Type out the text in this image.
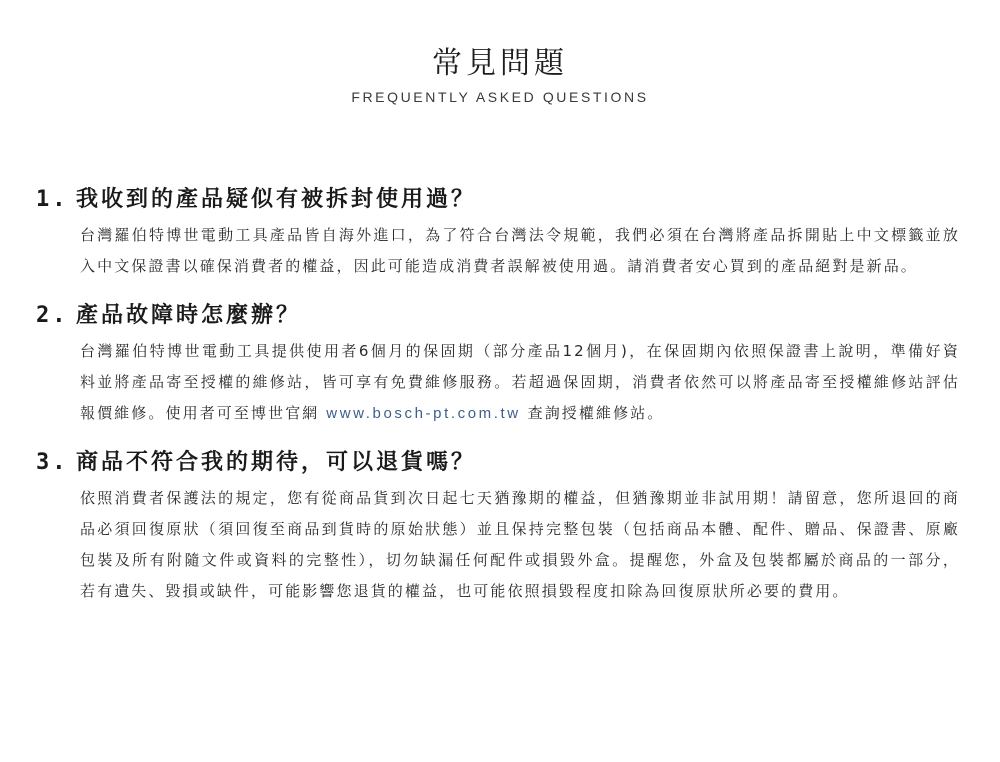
常見問題
FREQUENTLY ASKED QUESTIONS
1. 我收到的產品疑似有被拆封使用過？
台灣羅伯特博世電動工具產品皆自海外進口，為了符合台灣法令規範，我們必須在台灣將產品拆開貼上中文標籤並放入中文保證書以確保消費者的權益，因此可能造成消費者誤解被使用過。請消費者安心買到的產品絕對是新品。
2. 產品故障時怎麼辦？
台灣羅伯特博世電動工具提供使用者6個月的保固期（部分產品12個月)，在保固期內依照保證書上說明，準備好資料並將產品寄至授權的維修站，皆可享有免費維修服務。若超過保固期，消費者依然可以將產品寄至授權維修站評估報價維修。使用者可至博世官網 www.bosch-pt.com.tw 查詢授權維修站。
3. 商品不符合我的期待，可以退貨嗎？
依照消費者保護法的規定，您有從商品貨到次日起七天猶豫期的權益，但猶豫期並非試用期！請留意，您所退回的商品必須回復原狀（須回復至商品到貨時的原始狀態）並且保持完整包裝（包括商品本體、配件、贈品、保證書、原廠包裝及所有附隨文件或資料的完整性），切勿缺漏任何配件或損毀外盒。提醒您，外盒及包裝都屬於商品的一部分，若有遺失、毀損或缺件，可能影響您退貨的權益，也可能依照損毀程度扣除為回復原狀所必要的費用。
